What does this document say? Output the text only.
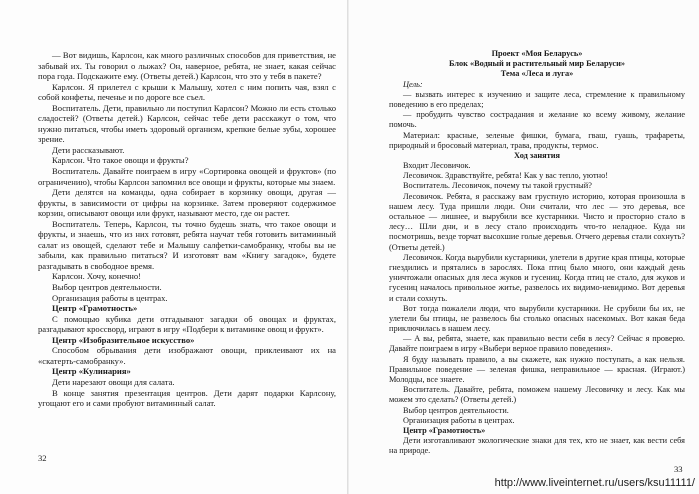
— Вот видишь, Карлсон, как много различных способов для приветствия, не забывай их. Ты говорил о лыжах? Он, наверное, ребята, не знает, какая сейчас пора года. Подскажите ему. (Ответы детей.) Карлсон, что это у тебя в пакете?

Карлсон. Я прилетел с крыши к Малышу, хотел с ним попить чая, взял с собой конфеты, печенье и по дороге все съел.

Воспитатель. Дети, правильно ли поступил Карлсон? Можно ли есть столько сладостей? (Ответы детей.) Карлсон, сейчас тебе дети расскажут о том, что нужно питаться, чтобы иметь здоровый организм, крепкие белые зубы, хорошее зрение.

Дети рассказывают.

Карлсон. Что такое овощи и фрукты?

Воспитатель. Давайте поиграем в игру «Сортировка овощей и фруктов» (по ограничению), чтобы Карлсон запомнил все овощи и фрукты, которые мы знаем.

Дети делятся на команды, одна собирает в корзинку овощи, другая — фрукты, в зависимости от цифры на корзинке. Затем проверяют содержимое корзин, описывают овощи или фрукт, называют место, где он растет.

Воспитатель. Теперь, Карлсон, ты точно будешь знать, что такое овощи и фрукты, и знаешь, что из них готовят, ребята научат тебя готовить витаминный салат из овощей, сделают тебе и Малышу салфетки-самобранку, чтобы вы не забыли, как правильно питаться? И изготовят вам «Книгу загадок», будете разгадывать в свободное время.

Карлсон. Хочу, конечно!

Выбор центров деятельности.

Организация работы в центрах.

Центр «Грамотность»

С помощью кубика дети отгадывают загадки об овощах и фруктах, разгадывают кроссворд, играют в игру «Подбери к витаминке овощ и фрукт».

Центр «Изобразительное искусство»

Способом обрывания дети изображают овощи, приклеивают их на «скатерть-самобранку».

Центр «Кулинария»

Дети нарезают овощи для салата.

В конце занятия презентация центров. Дети дарят подарки Карлсону, угощают его и сами пробуют витаминный салат.

32

Проект «Моя Беларусь»

Блок «Водный и растительный мир Беларуси»

Тема «Леса и луга»

Цель:

— вызвать интерес к изучению и защите леса, стремление к правильному поведению в его пределах;

— пробудить чувство сострадания и желание ко всему живому, желание помочь.

Материал: красные, зеленые фишки, бумага, гваш, гуашь, трафареты, природный и бросовый материал, трава, продукты, термос.

Ход занятия

Входит Лесовичок.

Лесовичок. Здравствуйте, ребята! Как у вас тепло, уютно!

Воспитатель. Лесовичок, почему ты такой грустный?

Лесовичок. Ребята, я расскажу вам грустную историю, которая произошла в нашем лесу. Туда пришли люди. Они считали, что лес — это деревья, все остальное — лишнее, и вырубили все кустарники. Чисто и просторно стало в лесу… Шли дни, и в лесу стало происходить что-то неладное. Куда ни посмотришь, везде торчат высохшие голые деревья. Отчего деревья стали сохнуть? (Ответы детей.)

Лесовичок. Когда вырубили кустарники, улетели в другие края птицы, которые гнездились и прятались в зарослях. Пока птиц было много, они каждый день уничтожали опасных для леса жуков и гусениц. Когда птиц не стало, для жуков и гусениц началось привольное житье, развелось их видимо-невидимо. Вот деревья и стали сохнуть.

Вот тогда пожалели люди, что вырубили кустарники. Не срубили бы их, не улетели бы птицы, не развелось бы столько опасных насекомых. Вот какая беда приключилась в нашем лесу.

— А вы, ребята, знаете, как правильно вести себя в лесу? Сейчас я проверю. Давайте поиграем в игру «Выбери верное правило поведения».

Я буду называть правило, а вы скажете, как нужно поступать, а как нельзя. Правильное поведение — зеленая фишка, неправильное — красная. (Играют.) Молодцы, все знаете.

Воспитатель. Давайте, ребята, поможем нашему Лесовичку и лесу. Как мы можем это сделать? (Ответы детей.)

Выбор центров деятельности.

Организация работы в центрах.

Центр «Грамотность»

Дети изготавливают экологические знаки для тех, кто не знает, как вести себя на природе.

33
http://www.liveinternet.ru/users/ksu11111/
